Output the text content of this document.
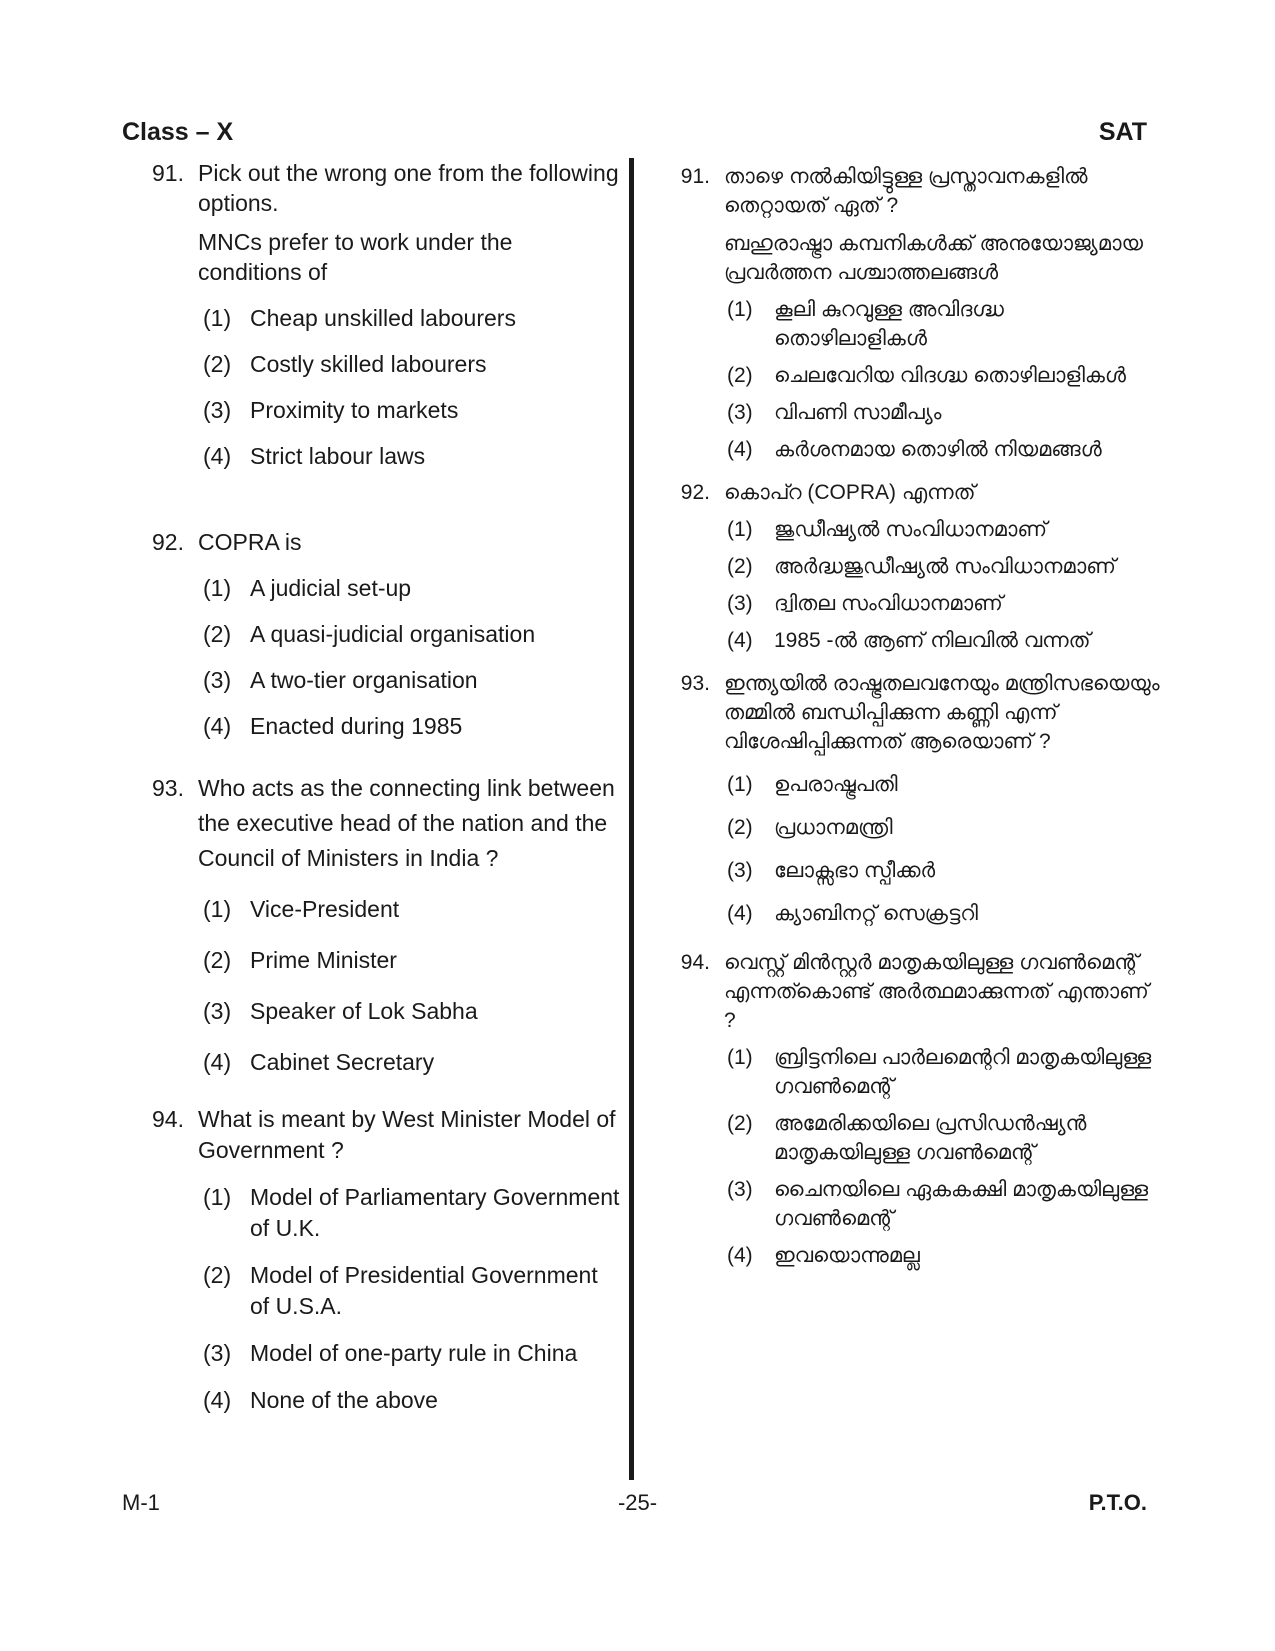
Class – X	SAT
91. Pick out the wrong one from the following options.
MNCs prefer to work under the conditions of
(1) Cheap unskilled labourers
(2) Costly skilled labourers
(3) Proximity to markets
(4) Strict labour laws
92. COPRA is
(1) A judicial set-up
(2) A quasi-judicial organisation
(3) A two-tier organisation
(4) Enacted during 1985
93. Who acts as the connecting link between the executive head of the nation and the Council of Ministers in India ?
(1) Vice-President
(2) Prime Minister
(3) Speaker of Lok Sabha
(4) Cabinet Secretary
94. What is meant by West Minister Model of Government ?
(1) Model of Parliamentary Government of U.K.
(2) Model of Presidential Government of U.S.A.
(3) Model of one-party rule in China
(4) None of the above
91. താഴെ നൽകിയിട്ടുള്ള പ്രസ്താവനകളിൽ തെറ്റായത് ഏത് ?
ബഹുരാഷ്ട്രാ കമ്പനികൾക്ക് അനുയോജ്യമായ പ്രവർത്തന പശ്ചാത്തലങ്ങൾ
(1)	കൂലി കുറവുള്ള അവിദഗ്ദ്ധ തൊഴിലാളികൾ
(2)	ചെലവേറിയ വിദഗ്ദ്ധ തൊഴിലാളികൾ
(3)	വിപണി സാമീപ്യം
(4)	കർശനമായ തൊഴിൽ നിയമങ്ങൾ
92. കൊപ്റ (COPRA) എന്നത്
(1)	ജുഡീഷ്യൽ സംവിധാനമാണ്
(2)	അർദ്ധജുഡീഷ്യൽ സംവിധാനമാണ്
(3)	ദ്വിതല സംവിധാനമാണ്
(4)	1985 -ൽ ആണ് നിലവിൽ വന്നത്
93. ഇന്ത്യയിൽ രാഷ്ട്രതലവനേയും മന്ത്രിസഭയെയും തമ്മിൽ ബന്ധിപ്പിക്കുന്ന കണ്ണി എന്ന് വിശേഷിപ്പിക്കുന്നത് ആരെയാണ് ?
(1)	ഉപരാഷ്ട്രപതി
(2)	പ്രധാനമന്ത്രി
(3)	ലോക്സഭാ സ്പീക്കർ
(4)	ക്യാബിനറ്റ് സെക്രട്ടറി
94. വെസ്റ്റ് മിൻസ്റ്റർ മാതൃകയിലുള്ള ഗവൺമെന്റ് എന്നത്കൊണ്ട് അർത്ഥമാക്കുന്നത് എന്താണ് ?
(1)	ബ്രിട്ടനിലെ പാർലമെന്ററി മാതൃകയിലുള്ള ഗവൺമെന്റ്
(2)	അമേരിക്കയിലെ പ്രസിഡൻഷ്യൻ മാതൃകയിലുള്ള ഗവൺമെന്റ്
(3)	ചൈനയിലെ ഏകകക്ഷി മാതൃകയിലുള്ള ഗവൺമെന്റ്
(4)	ഇവയൊന്നുമല്ല
M-1	-25-	P.T.O.
